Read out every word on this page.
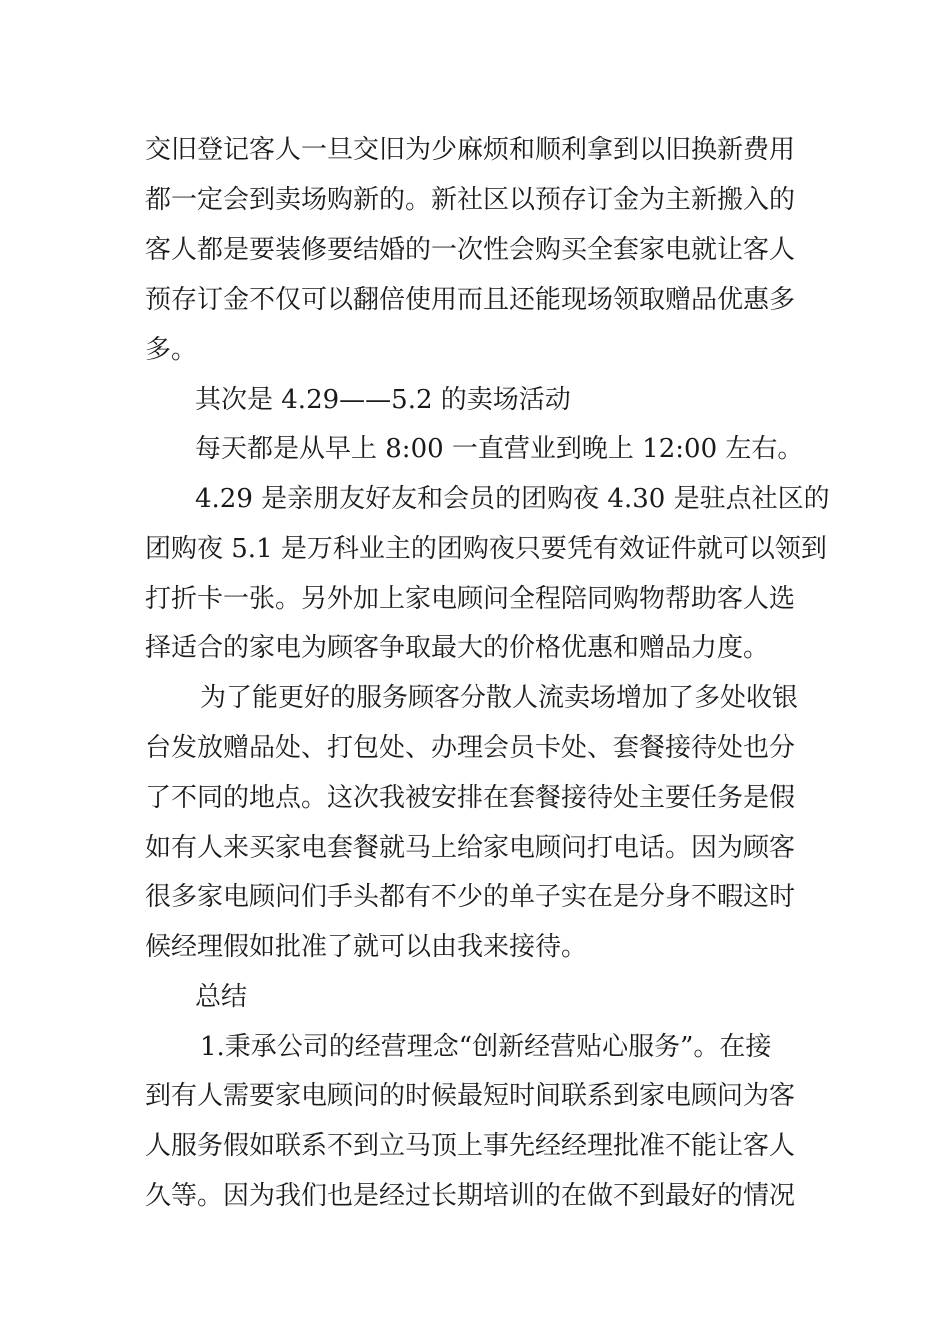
交旧登记客人一旦交旧为少麻烦和顺利拿到以旧换新费用

都一定会到卖场购新的。新社区以预存订金为主新搬入的

客人都是要装修要结婚的一次性会购买全套家电就让客人

预存订金不仅可以翻倍使用而且还能现场领取赠品优惠多

多。

其次是 4.29——5.2 的卖场活动

每天都是从早上 8:00 一直营业到晚上 12:00 左右。

4.29 是亲朋友好友和会员的团购夜 4.30 是驻点社区的

团购夜 5.1 是万科业主的团购夜只要凭有效证件就可以领到

打折卡一张。另外加上家电顾问全程陪同购物帮助客人选

择适合的家电为顾客争取最大的价格优惠和赠品力度。

为了能更好的服务顾客分散人流卖场增加了多处收银

台发放赠品处、打包处、办理会员卡处、套餐接待处也分

了不同的地点。这次我被安排在套餐接待处主要任务是假

如有人来买家电套餐就马上给家电顾问打电话。因为顾客

很多家电顾问们手头都有不少的单子实在是分身不暇这时

候经理假如批准了就可以由我来接待。

总结

1.秉承公司的经营理念“创新经营贴心服务”。在接

到有人需要家电顾问的时候最短时间联系到家电顾问为客

人服务假如联系不到立马顶上事先经经理批准不能让客人

久等。因为我们也是经过长期培训的在做不到最好的情况
